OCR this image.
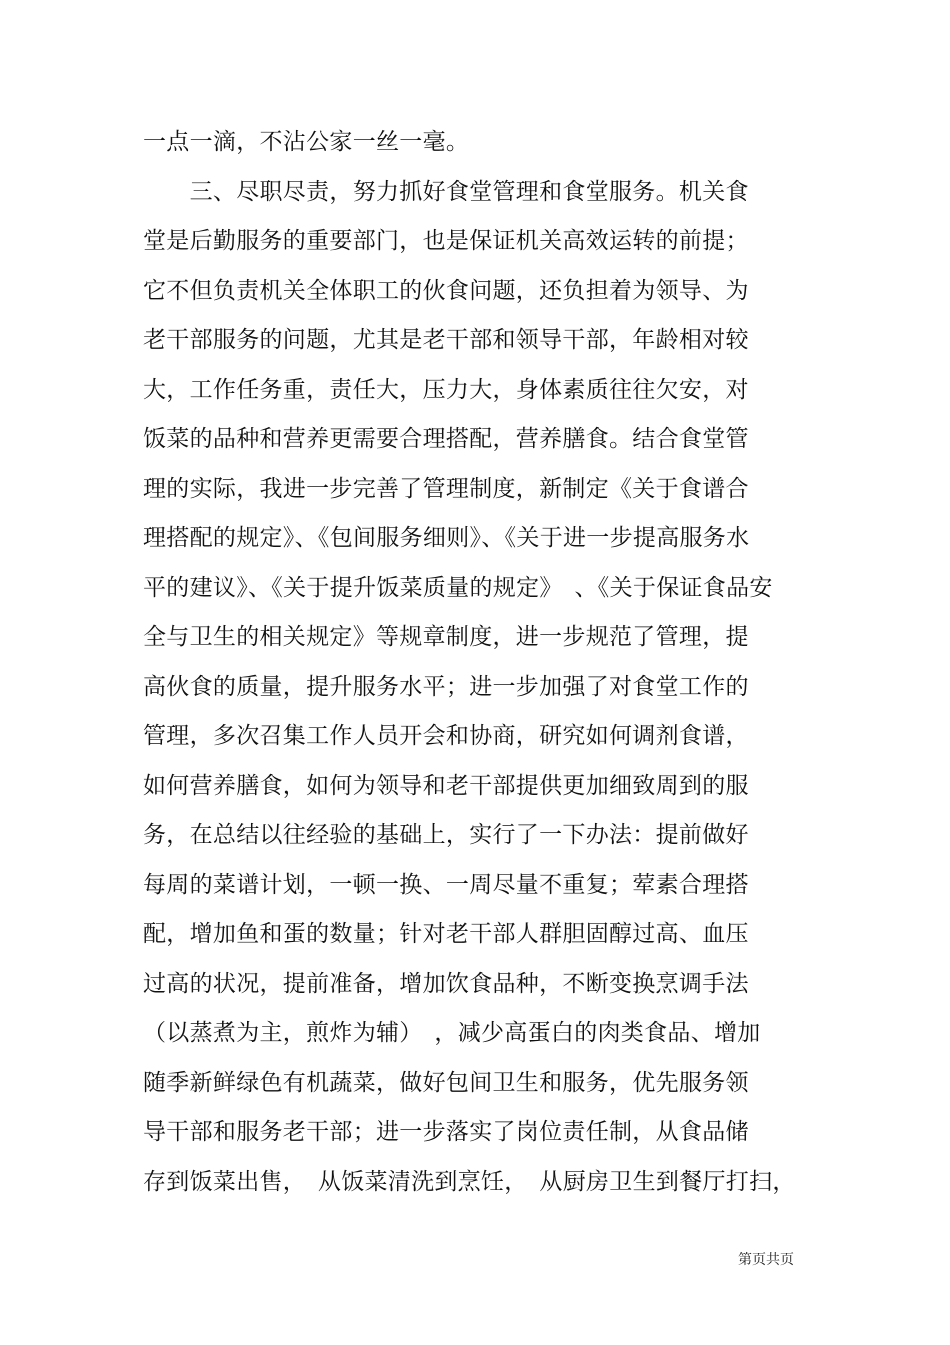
一点一滴，不沾公家一丝一毫。
　　三、尽职尽责，努力抓好食堂管理和食堂服务。机关食
堂是后勤服务的重要部门，也是保证机关高效运转的前提；
它不但负责机关全体职工的伙食问题，还负担着为领导、为
老干部服务的问题，尤其是老干部和领导干部，年龄相对较
大，工作任务重，责任大，压力大，身体素质往往欠安，对
饭菜的品种和营养更需要合理搭配，营养膳食。结合食堂管
理的实际，我进一步完善了管理制度，新制定《关于食谱合
理搭配的规定》、《包间服务细则》、《关于进一步提高服务水
平的建议》、《关于提升饭菜质量的规定》　、《关于保证食品安
全与卫生的相关规定》等规章制度，进一步规范了管理，提
高伙食的质量，提升服务水平；进一步加强了对食堂工作的
管理，多次召集工作人员开会和协商，研究如何调剂食谱，
如何营养膳食，如何为领导和老干部提供更加细致周到的服
务，在总结以往经验的基础上，实行了一下办法：提前做好
每周的菜谱计划，一顿一换、一周尽量不重复；荤素合理搭
配，增加鱼和蛋的数量；针对老干部人群胆固醇过高、血压
过高的状况，提前准备，增加饮食品种，不断变换烹调手法
（以蒸煮为主，煎炸为辅）　，减少高蛋白的肉类食品、增加
随季新鲜绿色有机蔬菜，做好包间卫生和服务，优先服务领
导干部和服务老干部；进一步落实了岗位责任制，从食品储
存到饭菜出售，　从饭菜清洗到烹饪，　从厨房卫生到餐厅打扫，
第页共页
